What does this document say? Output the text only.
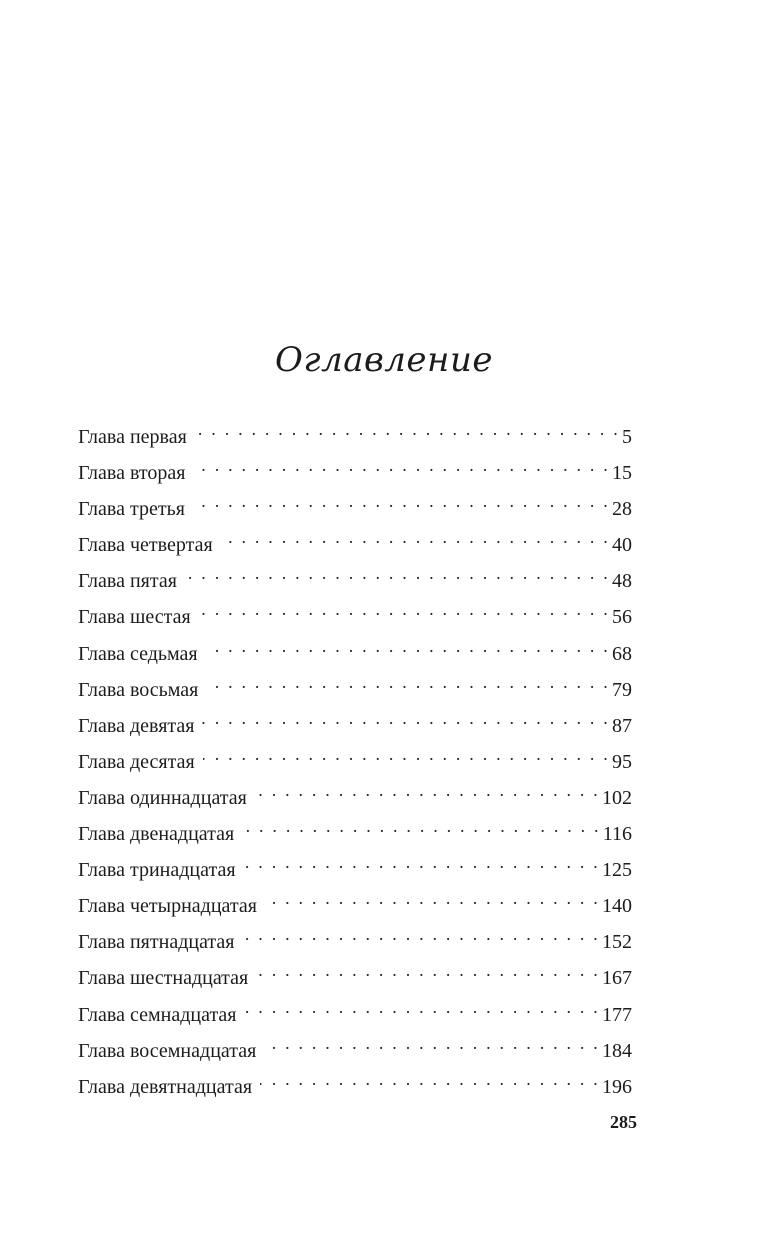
Оглавление
Глава первая . . .	5
Глава вторая . . .	15
Глава третья . . .	28
Глава четвертая . . .	40
Глава пятая . . .	48
Глава шестая . . .	56
Глава седьмая . . .	68
Глава восьмая . . .	79
Глава девятая . . .	87
Глава десятая . . .	95
Глава одиннадцатая . . .	102
Глава двенадцатая . . .	116
Глава тринадцатая . . .	125
Глава четырнадцатая . . .	140
Глава пятнадцатая . . .	152
Глава шестнадцатая . . .	167
Глава семнадцатая . . .	177
Глава восемнадцатая . . .	184
Глава девятнадцатая . . .	196
285
